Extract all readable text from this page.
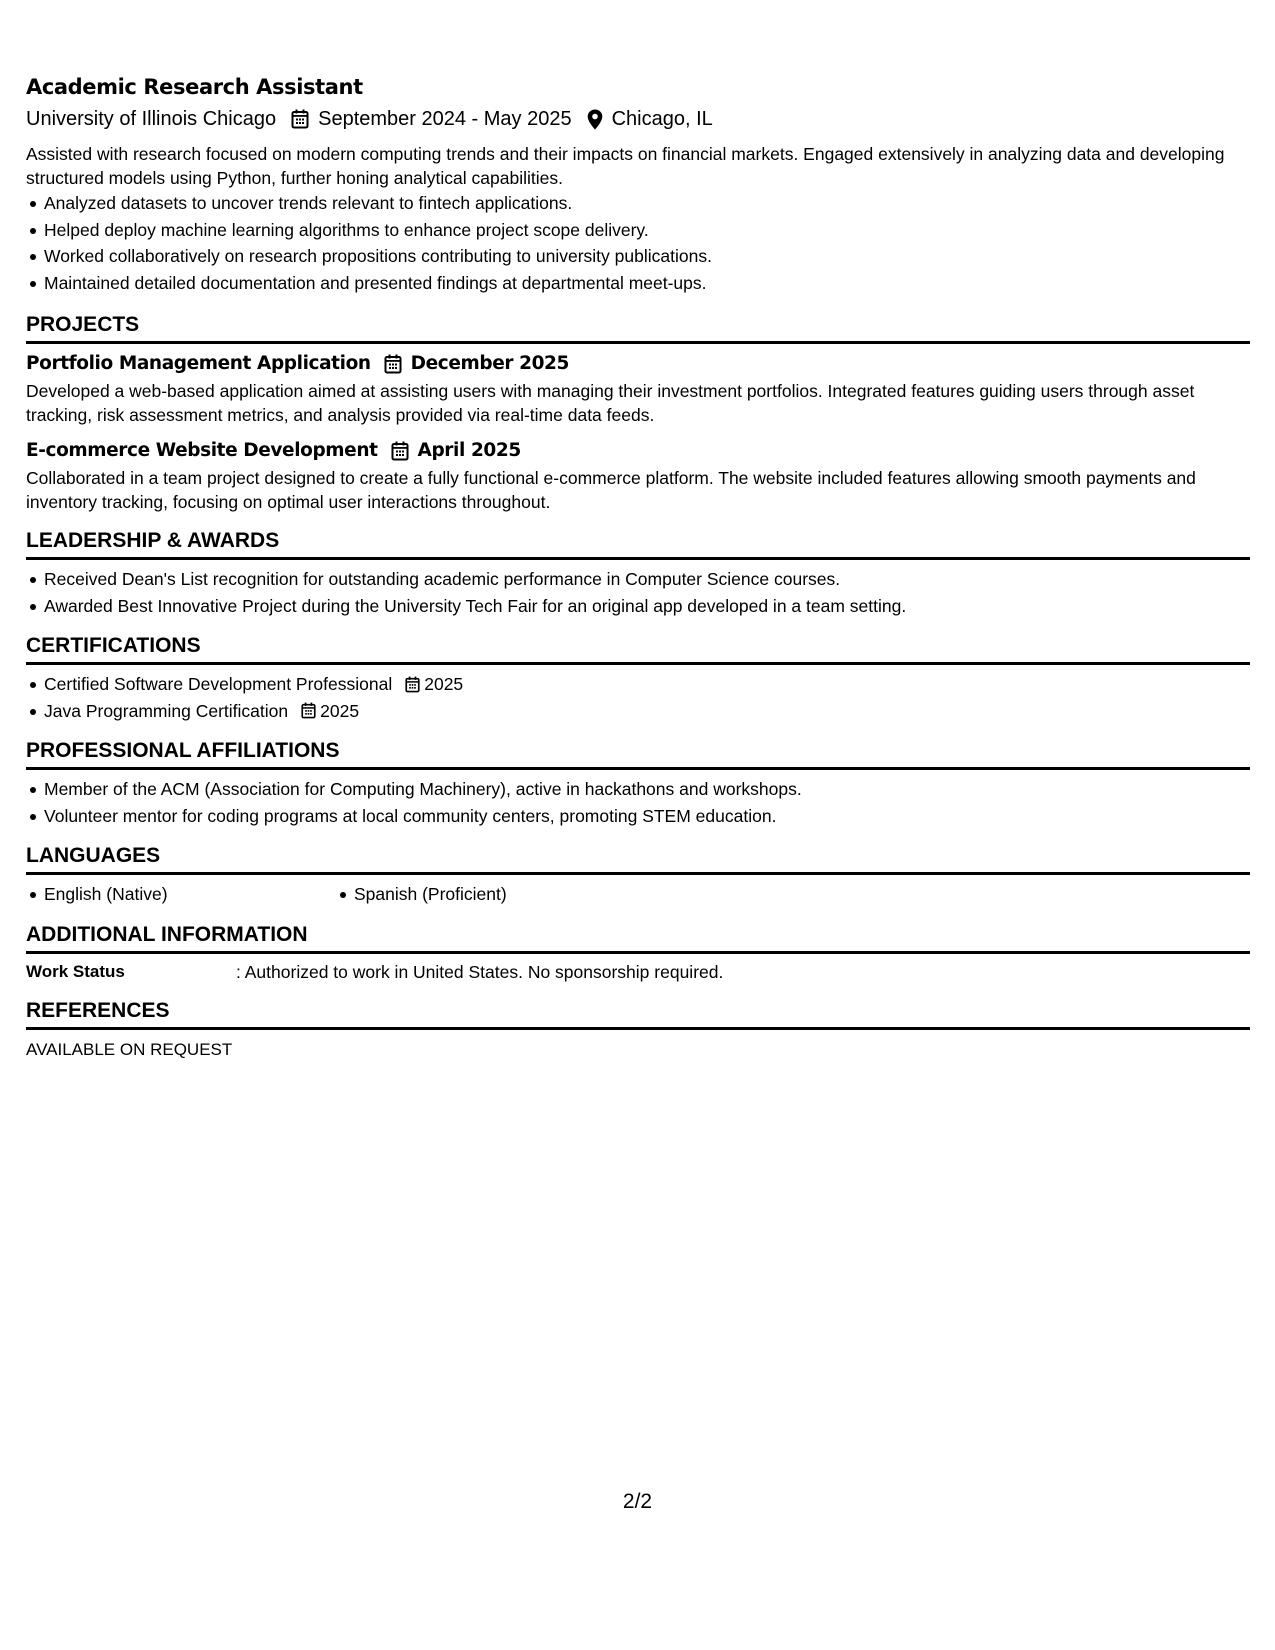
Academic Research Assistant
University of Illinois Chicago September 2024 - May 2025 Chicago, IL

Assisted with research focused on modern computing trends and their impacts on financial markets. Engaged extensively in analyzing data and developing structured models using Python, further honing analytical capabilities.

Analyzed datasets to uncover trends relevant to fintech applications.
Helped deploy machine learning algorithms to enhance project scope delivery.
Worked collaboratively on research propositions contributing to university publications.
Maintained detailed documentation and presented findings at departmental meet-ups.
PROJECTS
Portfolio Management Application December 2025

Developed a web-based application aimed at assisting users with managing their investment portfolios. Integrated features guiding users through asset tracking, risk assessment metrics, and analysis provided via real-time data feeds.

E-commerce Website Development April 2025

Collaborated in a team project designed to create a fully functional e-commerce platform. The website included features allowing smooth payments and inventory tracking, focusing on optimal user interactions throughout.

LEADERSHIP & AWARDS
Received Dean's List recognition for outstanding academic performance in Computer Science courses.
Awarded Best Innovative Project during the University Tech Fair for an original app developed in a team setting.
CERTIFICATIONS
Certified Software Development Professional 2025
Java Programming Certification 2025
PROFESSIONAL AFFILIATIONS
Member of the ACM (Association for Computing Machinery), active in hackathons and workshops.
Volunteer mentor for coding programs at local community centers, promoting STEM education.
LANGUAGES
English (Native)	Spanish (Proficient)
ADDITIONAL INFORMATION
Work Status	: Authorized to work in United States. No sponsorship required.
REFERENCES
AVAILABLE ON REQUEST
2/2
